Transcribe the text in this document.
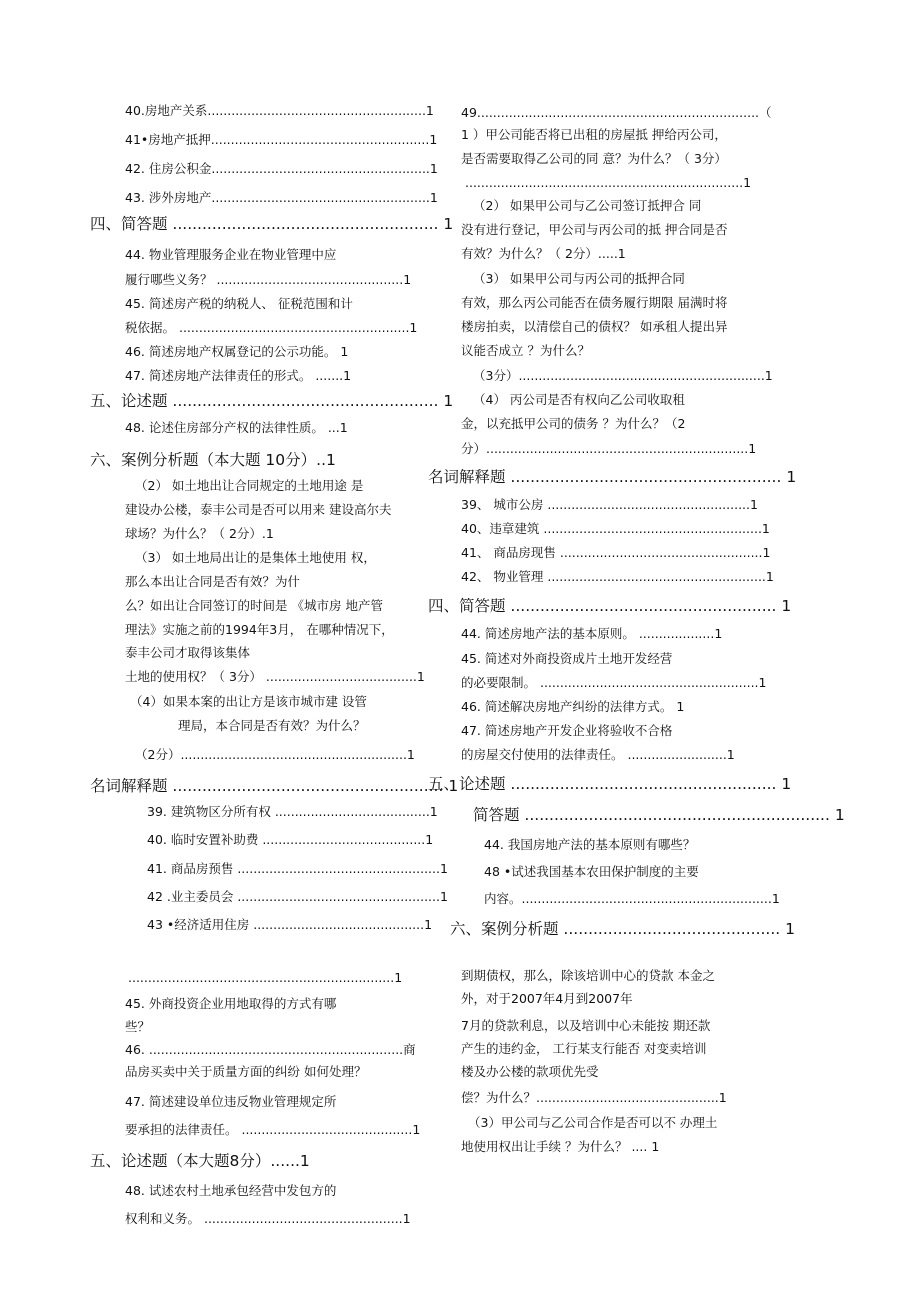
40.房地产关系.......................................................1
41•房地产抵押.......................................................1
42. 住房公积金.......................................................1
43. 涉外房地产.......................................................1
四、简答题 ...................................................... 1
44. 物业管理服务企业在物业管理中应
履行哪些义务？ ...............................................1
45. 简述房产税的纳税人、 征税范围和计
税依据。 ..........................................................1
46. 简述房地产权属登记的公示功能。 1
47. 简述房地产法律责任的形式。 .......1
五、论述题 ...................................................... 1
48. 论述住房部分产权的法律性质。 ...1
六、案例分析题（本大题 10分）..1
（2） 如土地出让合同规定的土地用途 是
建设办公楼，泰丰公司是否可以用来 建设高尔夫
球场？为什么？（ 2分）.1
（3） 如土地局出让的是集体土地使用 权，
那么本出让合同是否有效？为什
么？如出让合同签订的时间是 《城市房 地产管
理法》实施之前的1994年3月， 在哪种情况下，
泰丰公司才取得该集体
土地的使用权？（ 3分） ......................................1
（4）如果本案的出让方是该市城市建 设管
理局，本合同是否有效？为什么？
（2分）.........................................................1
名词解释题 ....................................................... 1
39. 建筑物区分所有权 .......................................1
40. 临时安置补助费 .........................................1
41. 商品房预售 ...................................................1
42 .业主委员会 ...................................................1
43 •经济适用住房 ...........................................1
...................................................................1
45. 外商投资企业用地取得的方式有哪
些？
46. ................................................................商
品房买卖中关于质量方面的纠纷 如何处理？
47. 简述建设单位违反物业管理规定所
要承担的法律责任。 ...........................................1
五、论述题（本大题8分）......1
48. 试述农村土地承包经营中发包方的
权利和义务。 ..................................................1
49.......................................................................（
1 ）甲公司能否将已出租的房屋抵 押给丙公司，
是否需要取得乙公司的同 意？为什么？（ 3分）
......................................................................1
（2） 如果甲公司与乙公司签订抵押合 同
没有进行登记，甲公司与丙公司的抵 押合同是否
有效？为什么？（ 2分）.....1
（3） 如果甲公司与丙公司的抵押合同
有效，那么丙公司能否在债务履行期限 届满时将
楼房拍卖，以清偿自己的债权？ 如承租人提出异
议能否成立 ？为什么？
（3分）..............................................................1
（4） 丙公司是否有权向乙公司收取租
金，以充抵甲公司的债务 ？为什么？（2
分）..................................................................1
名词解释题 ....................................................... 1
39、 城市公房 ...................................................1
40、违章建筑 .......................................................1
41、 商品房现售 ...................................................1
42、 物业管理 .......................................................1
四、简答题 ...................................................... 1
44. 简述房地产法的基本原则。 ...................1
45. 简述对外商投资成片土地开发经营
的必要限制。 .......................................................1
46. 简述解决房地产纠纷的法律方式。 1
47. 简述房地产开发企业将验收不合格
的房屋交付使用的法律责任。 .........................1
五、论述题 ...................................................... 1
简答题 .............................................................. 1
44. 我国房地产法的基本原则有哪些？
48 •试述我国基本农田保护制度的主要
内容。...............................................................1
六、案例分析题 ............................................ 1
到期债权，那么，除该培训中心的贷款 本金之
外，对于2007年4月到2007年
7月的贷款利息，以及培训中心未能按 期还款
产生的违约金， 工行某支行能否 对变卖培训
楼及办公楼的款项优先受
偿？为什么？..............................................1
（3）甲公司与乙公司合作是否可以不 办理土
地使用权出让手续 ？为什么？ .... 1
